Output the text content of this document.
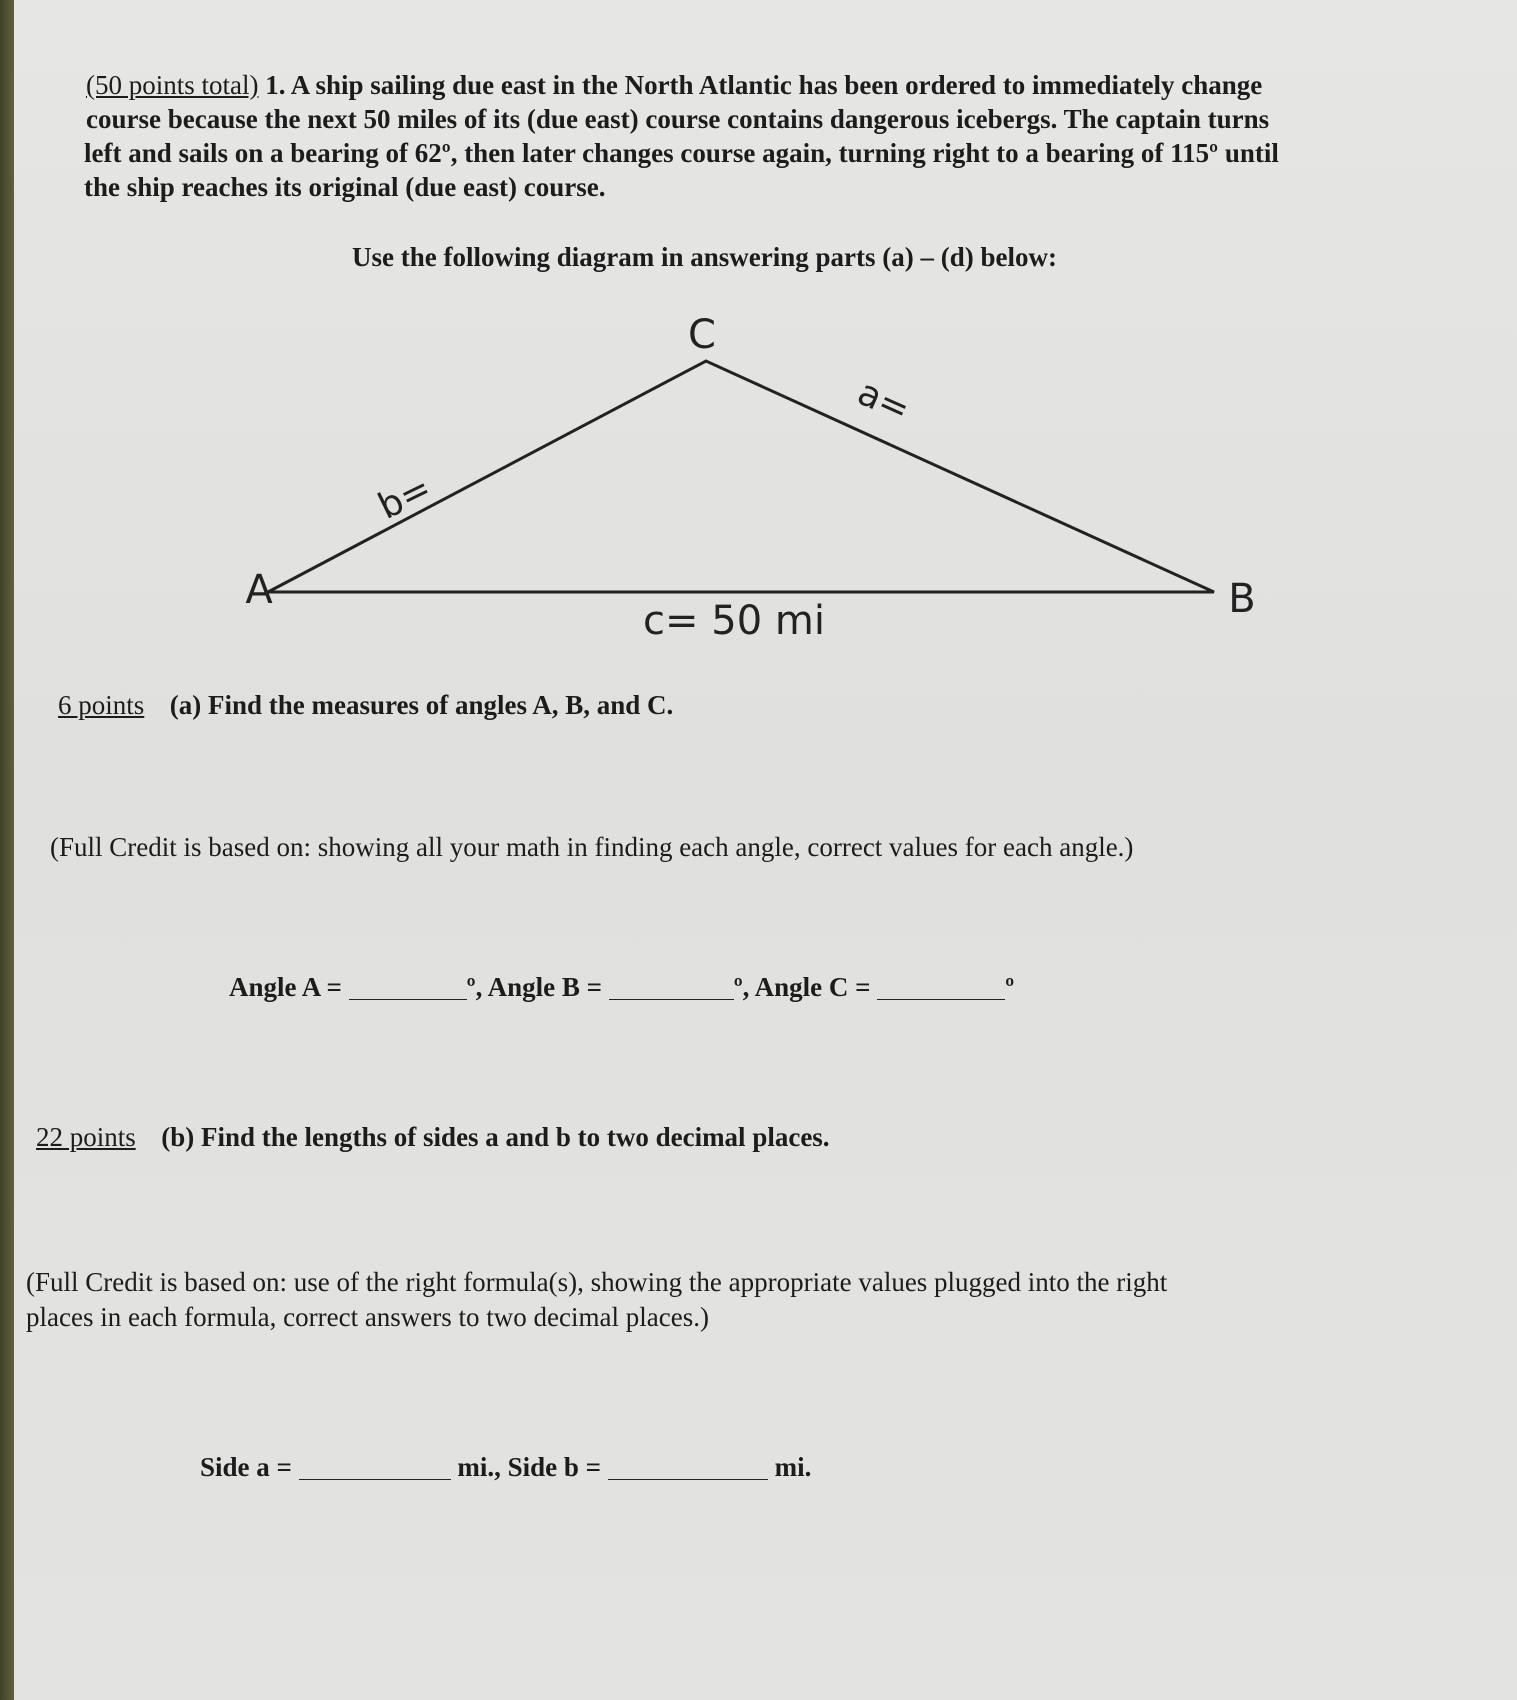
(50 points total) 1. A ship sailing due east in the North Atlantic has been ordered to immediately change
course because the next 50 miles of its (due east) course contains dangerous icebergs. The captain turns
left and sails on a bearing of 62º, then later changes course again, turning right to a bearing of 115º until
the ship reaches its original (due east) course.
Use the following diagram in answering parts (a) – (d) below:
C
A	B
a=
b=
c= 50 mi
6 points (a) Find the measures of angles A, B, and C.
(Full Credit is based on: showing all your math in finding each angle, correct values for each angle.)
Angle A =	º, Angle B =	º, Angle C =	º
22 points (b) Find the lengths of sides a and b to two decimal places.
(Full Credit is based on: use of the right formula(s), showing the appropriate values plugged into the right
places in each formula, correct answers to two decimal places.)
Side a =	mi., Side b =	mi.
